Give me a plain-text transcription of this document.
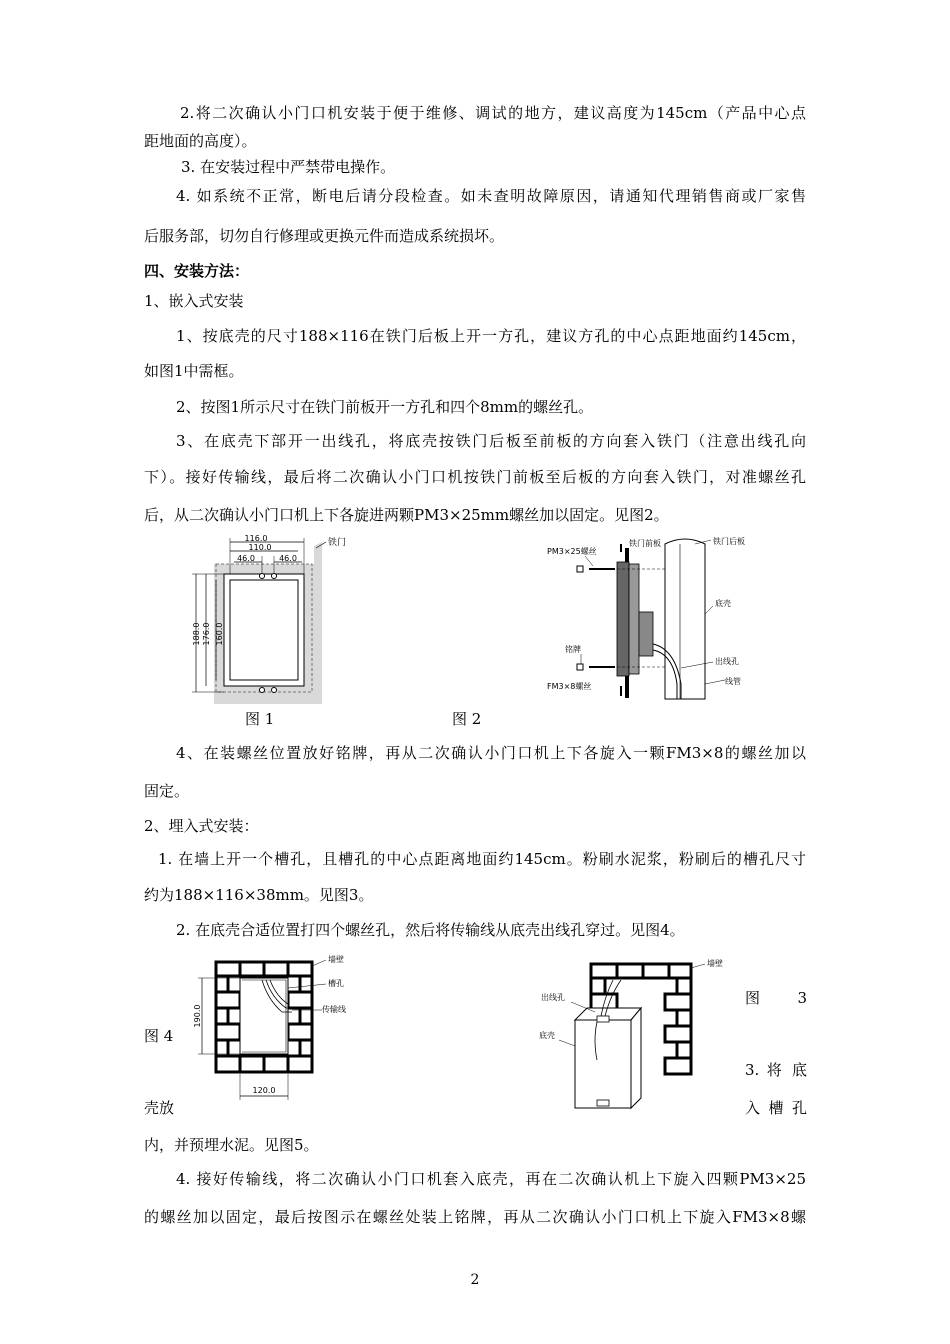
2.将二次确认小门口机安装于便于维修、调试的地方，建议高度为145cm（产品中心点
距地面的高度）。
3. 在安装过程中严禁带电操作。
4. 如系统不正常，断电后请分段检查。如未查明故障原因，请通知代理销售商或厂家售
后服务部，切勿自行修理或更换元件而造成系统损坏。
四、安装方法：
1、嵌入式安装
1、按底壳的尺寸188×116在铁门后板上开一方孔，建议方孔的中心点距地面约145cm，
如图1中需框。
2、按图1所示尺寸在铁门前板开一方孔和四个8mm的螺丝孔。
3、在底壳下部开一出线孔，将底壳按铁门后板至前板的方向套入铁门（注意出线孔向
下）。接好传输线，最后将二次确认小门口机按铁门前板至后板的方向套入铁门，对准螺丝孔
后，从二次确认小门口机上下各旋进两颗PM3×25mm螺丝加以固定。见图2。
116.0
110.0
46.0	46.0
铁门
188.0 176.0 160.0
PM3×25螺丝
铁门前板	铁门后板
底壳
铭牌
出线孔
FM3×8螺丝
线管
图 1	图 2
4、在装螺丝位置放好铭牌，再从二次确认小门口机上下各旋入一颗FM3×8的螺丝加以
固定。
2、埋入式安装：
1. 在墙上开一个槽孔，且槽孔的中心点距离地面约145cm。粉刷水泥浆，粉刷后的槽孔尺寸
约为188×116×38mm。见图3。
2. 在底壳合适位置打四个螺丝孔，然后将传输线从底壳出线孔穿过。见图4。
墙壁
槽孔
传输线
190.0
120.0
墙壁
出线孔
底壳
图 3
图 4
3. 将 底
壳放	入 槽 孔
内，并预埋水泥。见图5。
4. 接好传输线，将二次确认小门口机套入底壳，再在二次确认机上下旋入四颗PM3×25
的螺丝加以固定，最后按图示在螺丝处装上铭牌，再从二次确认小门口机上下旋入FM3×8螺
2
